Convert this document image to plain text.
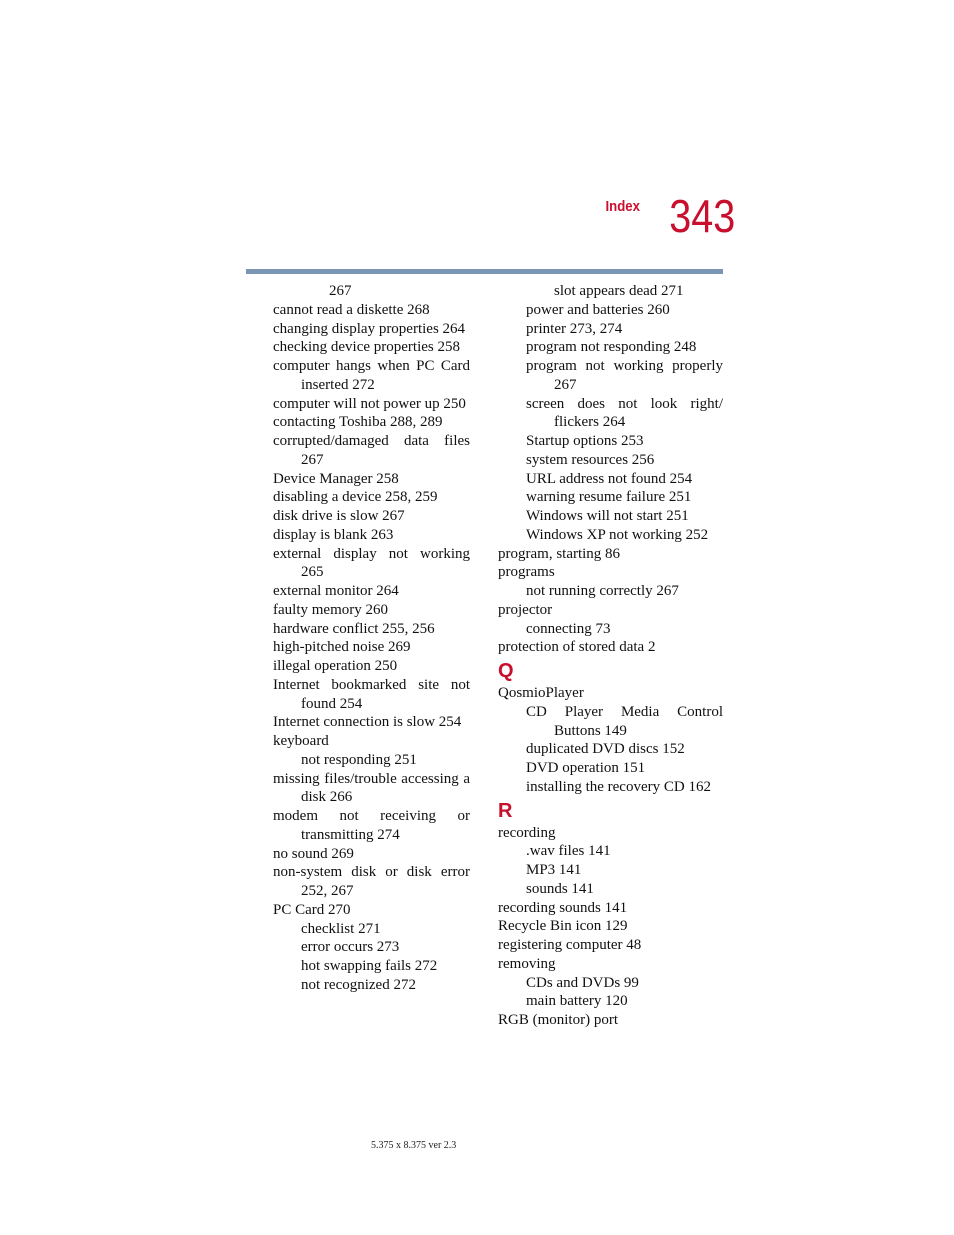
Index 343
267
cannot read a diskette 268
changing display properties 264
checking device properties 258
computer hangs when PC Card inserted 272
computer will not power up 250
contacting Toshiba 288, 289
corrupted/damaged data files 267
Device Manager 258
disabling a device 258, 259
disk drive is slow 267
display is blank 263
external display not working 265
external monitor 264
faulty memory 260
hardware conflict 255, 256
high-pitched noise 269
illegal operation 250
Internet bookmarked site not found 254
Internet connection is slow 254
keyboard
not responding 251
missing files/trouble accessing a disk 266
modem not receiving or transmitting 274
no sound 269
non-system disk or disk error 252, 267
PC Card 270
checklist 271
error occurs 273
hot swapping fails 272
not recognized 272
slot appears dead 271
power and batteries 260
printer 273, 274
program not responding 248
program not working properly 267
screen does not look right/ flickers 264
Startup options 253
system resources 256
URL address not found 254
warning resume failure 251
Windows will not start 251
Windows XP not working 252
program, starting 86
programs
not running correctly 267
projector
connecting 73
protection of stored data 2
Q
QosmioPlayer
CD Player Media Control Buttons 149
duplicated DVD discs 152
DVD operation 151
installing the recovery CD 162
R
recording
.wav files 141
MP3 141
sounds 141
recording sounds 141
Recycle Bin icon 129
registering computer 48
removing
CDs and DVDs 99
main battery 120
RGB (monitor) port
5.375 x 8.375 ver 2.3
